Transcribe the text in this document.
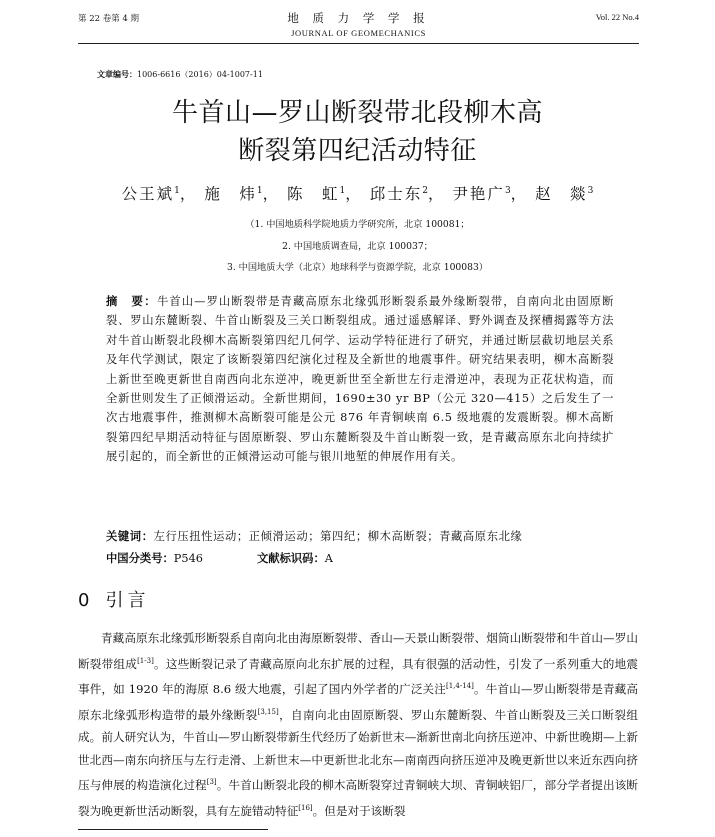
第 22 卷第 4 期	地 质 力 学 学 报
JOURNAL OF GEOMECHANICS
Vol. 22 No.4
文章编号：1006-6616（2016）04-1007-11
牛首山—罗山断裂带北段柳木高
断裂第四纪活动特征
公王斌$^1$， 施　炜$^1$， 陈　虹$^1$， 邱士东$^2$， 尹艳广$^3$， 赵　燚$^3$
（1. 中国地质科学院地质力学研究所，北京 100081；
2. 中国地质调查局，北京 100037；
3. 中国地质大学（北京）地球科学与资源学院，北京 100083）
摘　要：牛首山—罗山断裂带是青藏高原东北缘弧形断裂系最外缘断裂带，自南向北由固原断裂、罗山东麓断裂、牛首山断裂及三关口断裂组成。通过遥感解译、野外调查及探槽揭露等方法对牛首山断裂北段柳木高断裂第四纪几何学、运动学特征进行了研究，并通过断层截切地层关系及年代学测试，限定了该断裂第四纪演化过程及全新世的地震事件。研究结果表明，柳木高断裂上新世至晚更新世自南西向北东逆冲，晚更新世至全新世左行走滑逆冲，表现为正花状构造，而全新世则发生了正倾滑运动。全新世期间，1690±30 yr BP（公元 320—415）之后发生了一次古地震事件，推测柳木高断裂可能是公元 876 年青铜峡南 6.5 级地震的发震断裂。柳木高断裂第四纪早期活动特征与固原断裂、罗山东麓断裂及牛首山断裂一致，是青藏高原东北向持续扩展引起的，而全新世的正倾滑运动可能与银川地堑的伸展作用有关。
关键词：左行压扭性运动；正倾滑运动；第四纪；柳木高断裂；青藏高原东北缘
中国分类号：P546	文献标识码：A
0 引言
青藏高原东北缘弧形断裂系自南向北由海原断裂带、香山—天景山断裂带、烟筒山断裂带和牛首山—罗山断裂带组成[1-3]。这些断裂记录了青藏高原向北东扩展的过程，具有很强的活动性，引发了一系列重大的地震事件，如 1920 年的海原 8.6 级大地震，引起了国内外学者的广泛关注[1,4-14]。牛首山—罗山断裂带是青藏高原东北缘弧形构造带的最外缘断裂[3,15]，自南向北由固原断裂、罗山东麓断裂、牛首山断裂及三关口断裂组成。前人研究认为，牛首山—罗山断裂带新生代经历了始新世末—渐新世南北向挤压逆冲、中新世晚期—上新世北西—南东向挤压与左行走滑、上新世末—中更新世北北东—南南西向挤压逆冲及晚更新世以来近东西向挤压与伸展的构造演化过程[3]。牛首山断裂北段的柳木高断裂穿过青铜峡大坝、青铜峡铝厂，部分学者提出该断裂为晚更新世活动断裂，具有左旋错动特征[16]。但是对于该断裂
